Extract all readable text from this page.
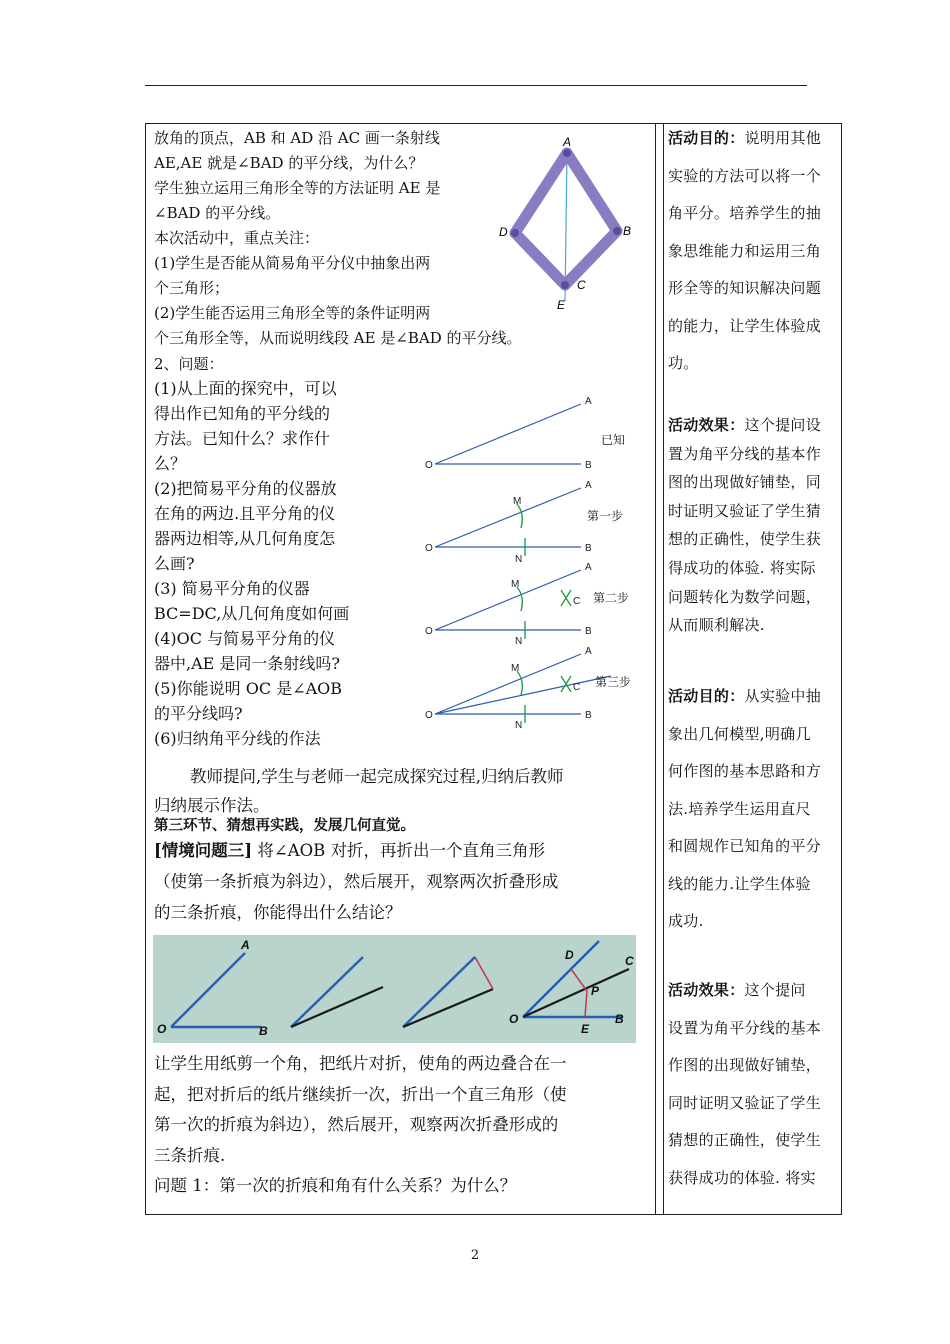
放角的顶点，AB 和 AD 沿 AC 画一条射线
AE,AE 就是∠BAD 的平分线，为什么？
学生独立运用三角形全等的方法证明 AE 是
∠BAD 的平分线。
本次活动中，重点关注：
(1)学生是否能从简易角平分仪中抽象出两
个三角形；
(2)学生能否运用三角形全等的条件证明两
个三角形全等，从而说明线段 AE 是∠BAD 的平分线。
A
B
C
D
E
2、问题：
(1)从上面的探究中，可以
得出作已知角的平分线的
方法。已知什么？求作什
么？
(2)把简易平分角的仪器放
在角的两边.且平分角的仪
器两边相等,从几何角度怎
么画?
(3) 简易平分角的仪器
BC=DC,从几何角度如何画
(4)OC 与简易平分角的仪
器中,AE 是同一条射线吗?
(5)你能说明 OC 是∠AOB
的平分线吗?
(6)归纳角平分线的作法
O
A
B
O
A
B
M
N
O
A
B
M
N
C
O
A
B
M
N
C
已知
第一步
第二步
第三步
教师提问,学生与老师一起完成探究过程,归纳后教师
归纳展示作法。
第三环节、猜想再实践，发展几何直觉。
[情境问题三] 将∠AOB 对折，再折出一个直角三角形
（使第一条折痕为斜边），然后展开，观察两次折叠形成
的三条折痕，你能得出什么结论？
A
O	B
D	C
P
O
E
B
让学生用纸剪一个角，把纸片对折，使角的两边叠合在一
起，把对折后的纸片继续折一次，折出一个直三角形（使
第一次的折痕为斜边），然后展开，观察两次折叠形成的
三条折痕.
问题 1：第一次的折痕和角有什么关系？为什么？
活动目的：说明用其他
实验的方法可以将一个
角平分。培养学生的抽
象思维能力和运用三角
形全等的知识解决问题
的能力，让学生体验成
功。
活动效果：这个提问设
置为角平分线的基本作
图的出现做好铺垫，同
时证明又验证了学生猜
想的正确性，使学生获
得成功的体验. 将实际
问题转化为数学问题，
从而顺利解决.
活动目的：从实验中抽
象出几何模型,明确几
何作图的基本思路和方
法.培养学生运用直尺
和圆规作已知角的平分
线的能力.让学生体验
成功.
活动效果：这个提问
设置为角平分线的基本
作图的出现做好铺垫，
同时证明又验证了学生
猜想的正确性，使学生
获得成功的体验. 将实
2
